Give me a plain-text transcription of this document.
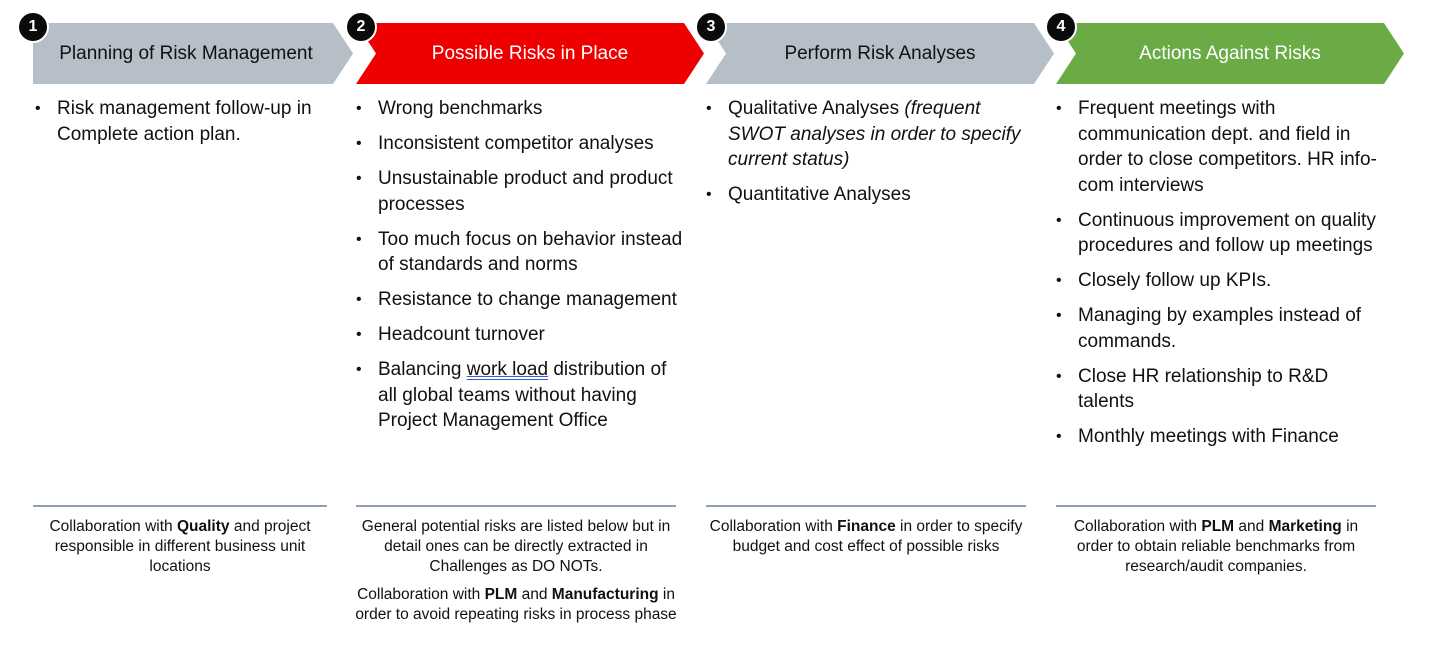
1
Planning of Risk Management
• Risk management follow-up in Complete action plan.

Collaboration with Quality and project responsible in different business unit locations

2
Possible Risks in Place
• Wrong benchmarks
• Inconsistent competitor analyses
• Unsustainable product and product processes
• Too much focus on behavior instead of standards and norms
• Resistance to change management
• Headcount turnover
• Balancing work load distribution of all global teams without having Project Management Office

General potential risks are listed below but in detail ones can be directly extracted in Challenges as DO NOTs.

Collaboration with PLM and Manufacturing in order to avoid repeating risks in process phase

3
Perform Risk Analyses
• Qualitative Analyses (frequent SWOT analyses in order to specify current status)
• Quantitative Analyses

Collaboration with Finance in order to specify budget and cost effect of possible risks

4
Actions Against Risks
• Frequent meetings with communication dept. and field in order to close competitors. HR info-com interviews
• Continuous improvement on quality procedures and follow up meetings
• Closely follow up KPIs.
• Managing by examples instead of commands.
• Close HR relationship to R&D talents
• Monthly meetings with Finance

Collaboration with PLM and Marketing in order to obtain reliable benchmarks from research/audit companies.
